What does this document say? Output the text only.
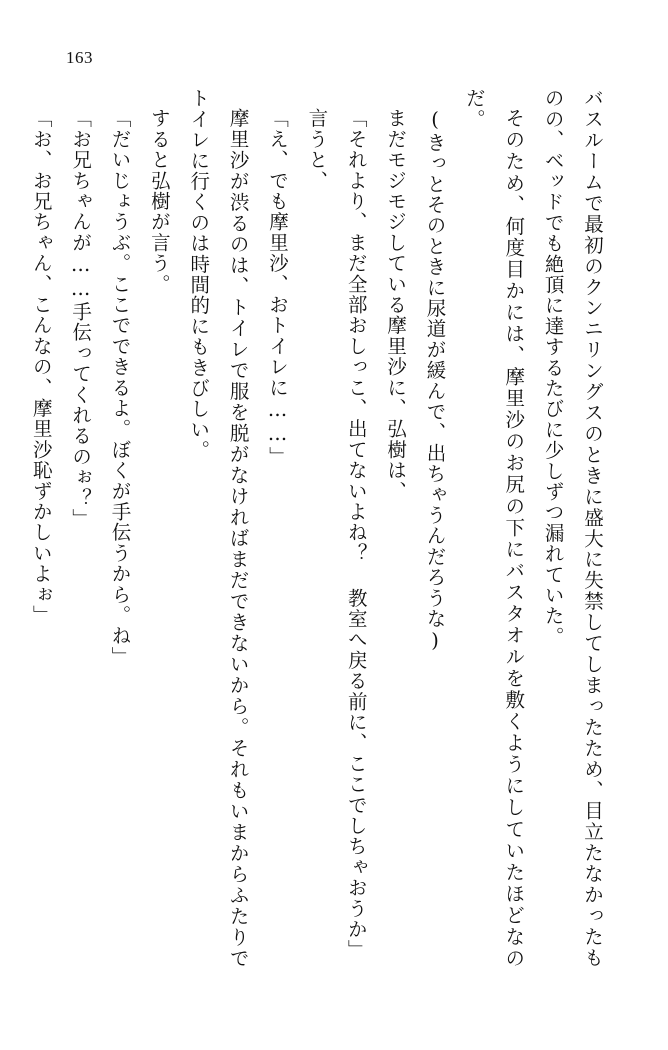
163

バスルームで最初のクンニリングスのときに盛大に失禁してしまったため、目立たなかったものの、ベッドでも絶頂に達するたびに少しずつ漏れていた。

そのため、何度目かには、摩里沙のお尻の下にバスタオルを敷くようにしていたほどなのだ。

(きっとそのときに尿道が緩んで、出ちゃうんだろうな)

まだモジモジしている摩里沙に、弘樹は、

「それより、まだ全部おしっこ、出てないよね？ 教室へ戻る前に、ここでしちゃおうか」

言うと、

「え、でも摩里沙、おトイレに……」

摩里沙が渋るのは、トイレで服を脱がなければまだできないから。それもいまからふたりでトイレに行くのは時間的にもきびしい。

すると弘樹が言う。

「だいじょうぶ。ここでできるよ。ぼくが手伝うから。ね」

「お兄ちゃんが……手伝ってくれるのぉ？」

「お、お兄ちゃん、こんなの、摩里沙恥ずかしいよぉ」
